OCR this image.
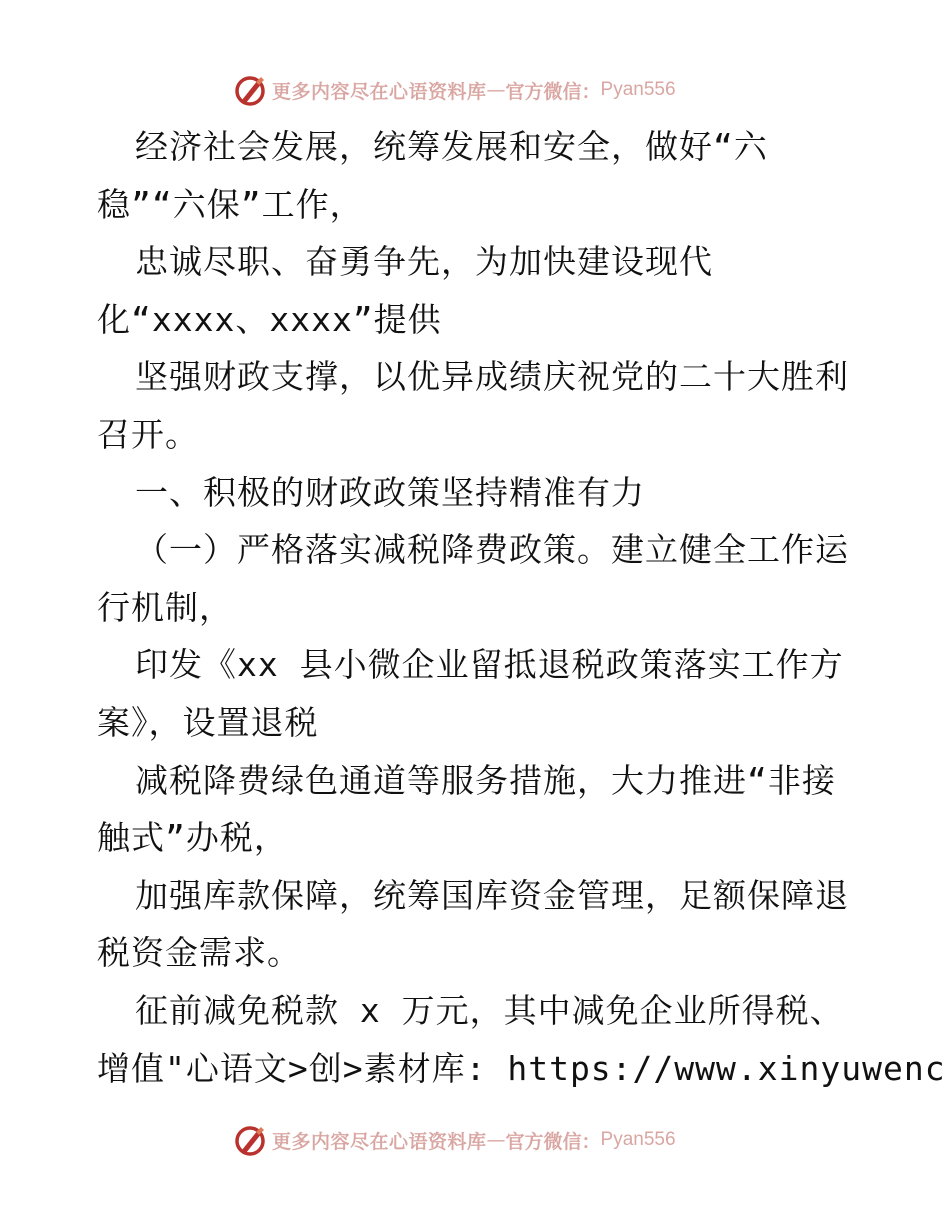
更多内容尽在心语资料库 — 官方微信： Pyan556
经济社会发展，统筹发展和安全，做好“六
稳”“六保”工作，
忠诚尽职、奋勇争先，为加快建设现代
化“xxxx、xxxx”提供
坚强财政支撑，以优异成绩庆祝党的二十大胜利
召开。
一、积极的财政政策坚持精准有力
（一）严格落实减税降费政策。建立健全工作运
行机制，
印发《xx 县小微企业留抵退税政策落实工作方
案》，设置退税
减税降费绿色通道等服务措施，大力推进“非接
触式”办税，
加强库款保障，统筹国库资金管理，足额保障退
税资金需求。
征前减免税款 x 万元，其中减免企业所得税、
增值"心语文>创>素材库: https://www.xinyuwenc
更多内容尽在心语资料库 — 官方微信： Pyan556
